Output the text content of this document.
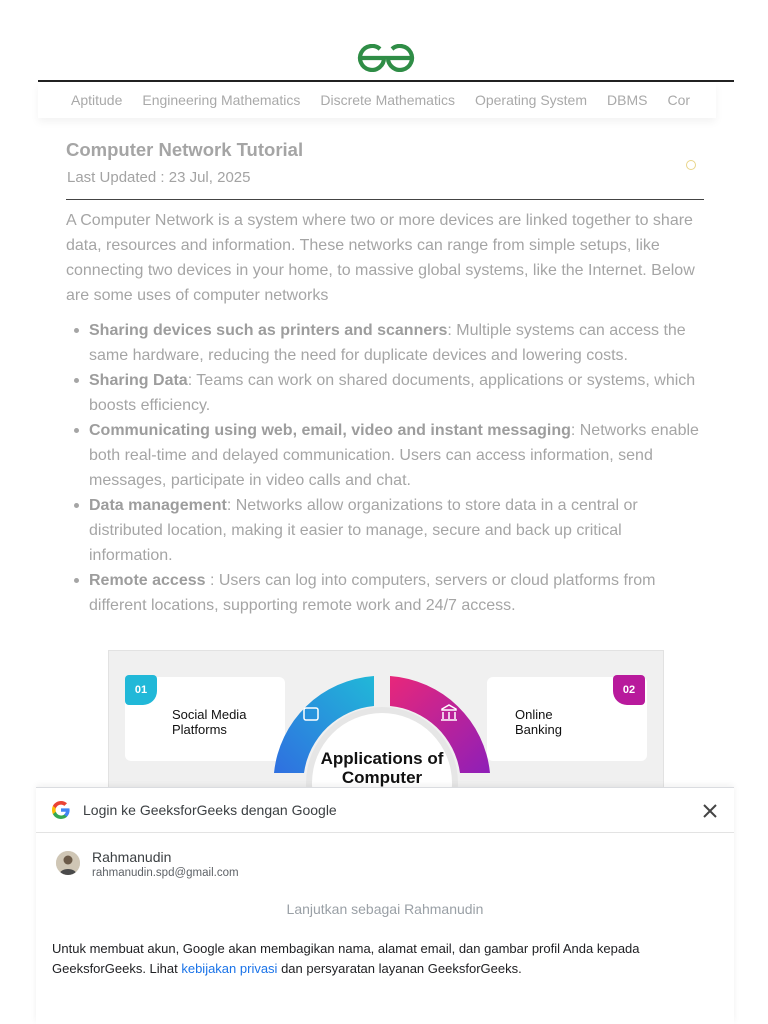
Aptitude Engineering Mathematics Discrete Mathematics Operating System DBMS Cor
Computer Network Tutorial
Last Updated : 23 Jul, 2025

A Computer Network is a system where two or more devices are linked together to share data, resources and information. These networks can range from simple setups, like connecting two devices in your home, to massive global systems, like the Internet. Below are some uses of computer networks

Sharing devices such as printers and scanners: Multiple systems can access the same hardware, reducing the need for duplicate devices and lowering costs.
Sharing Data: Teams can work on shared documents, applications or systems, which boosts efficiency.
Communicating using web, email, video and instant messaging: Networks enable both real-time and delayed communication. Users can access information, send messages, participate in video calls and chat.
Data management: Networks allow organizations to store data in a central or distributed location, making it easier to manage, secure and back up critical information.
Remote access : Users can log into computers, servers or cloud platforms from different locations, supporting remote work and 24/7 access.
01	02
Social Media Platforms
Online Banking
Applications of Computer
Login ke GeeksforGeeks dengan Google
Rahmanudin
rahmanudin.spd@gmail.com
Lanjutkan sebagai Rahmanudin

Untuk membuat akun, Google akan membagikan nama, alamat email, dan gambar profil Anda kepada GeeksforGeeks. Lihat kebijakan privasi dan persyaratan layanan GeeksforGeeks.
